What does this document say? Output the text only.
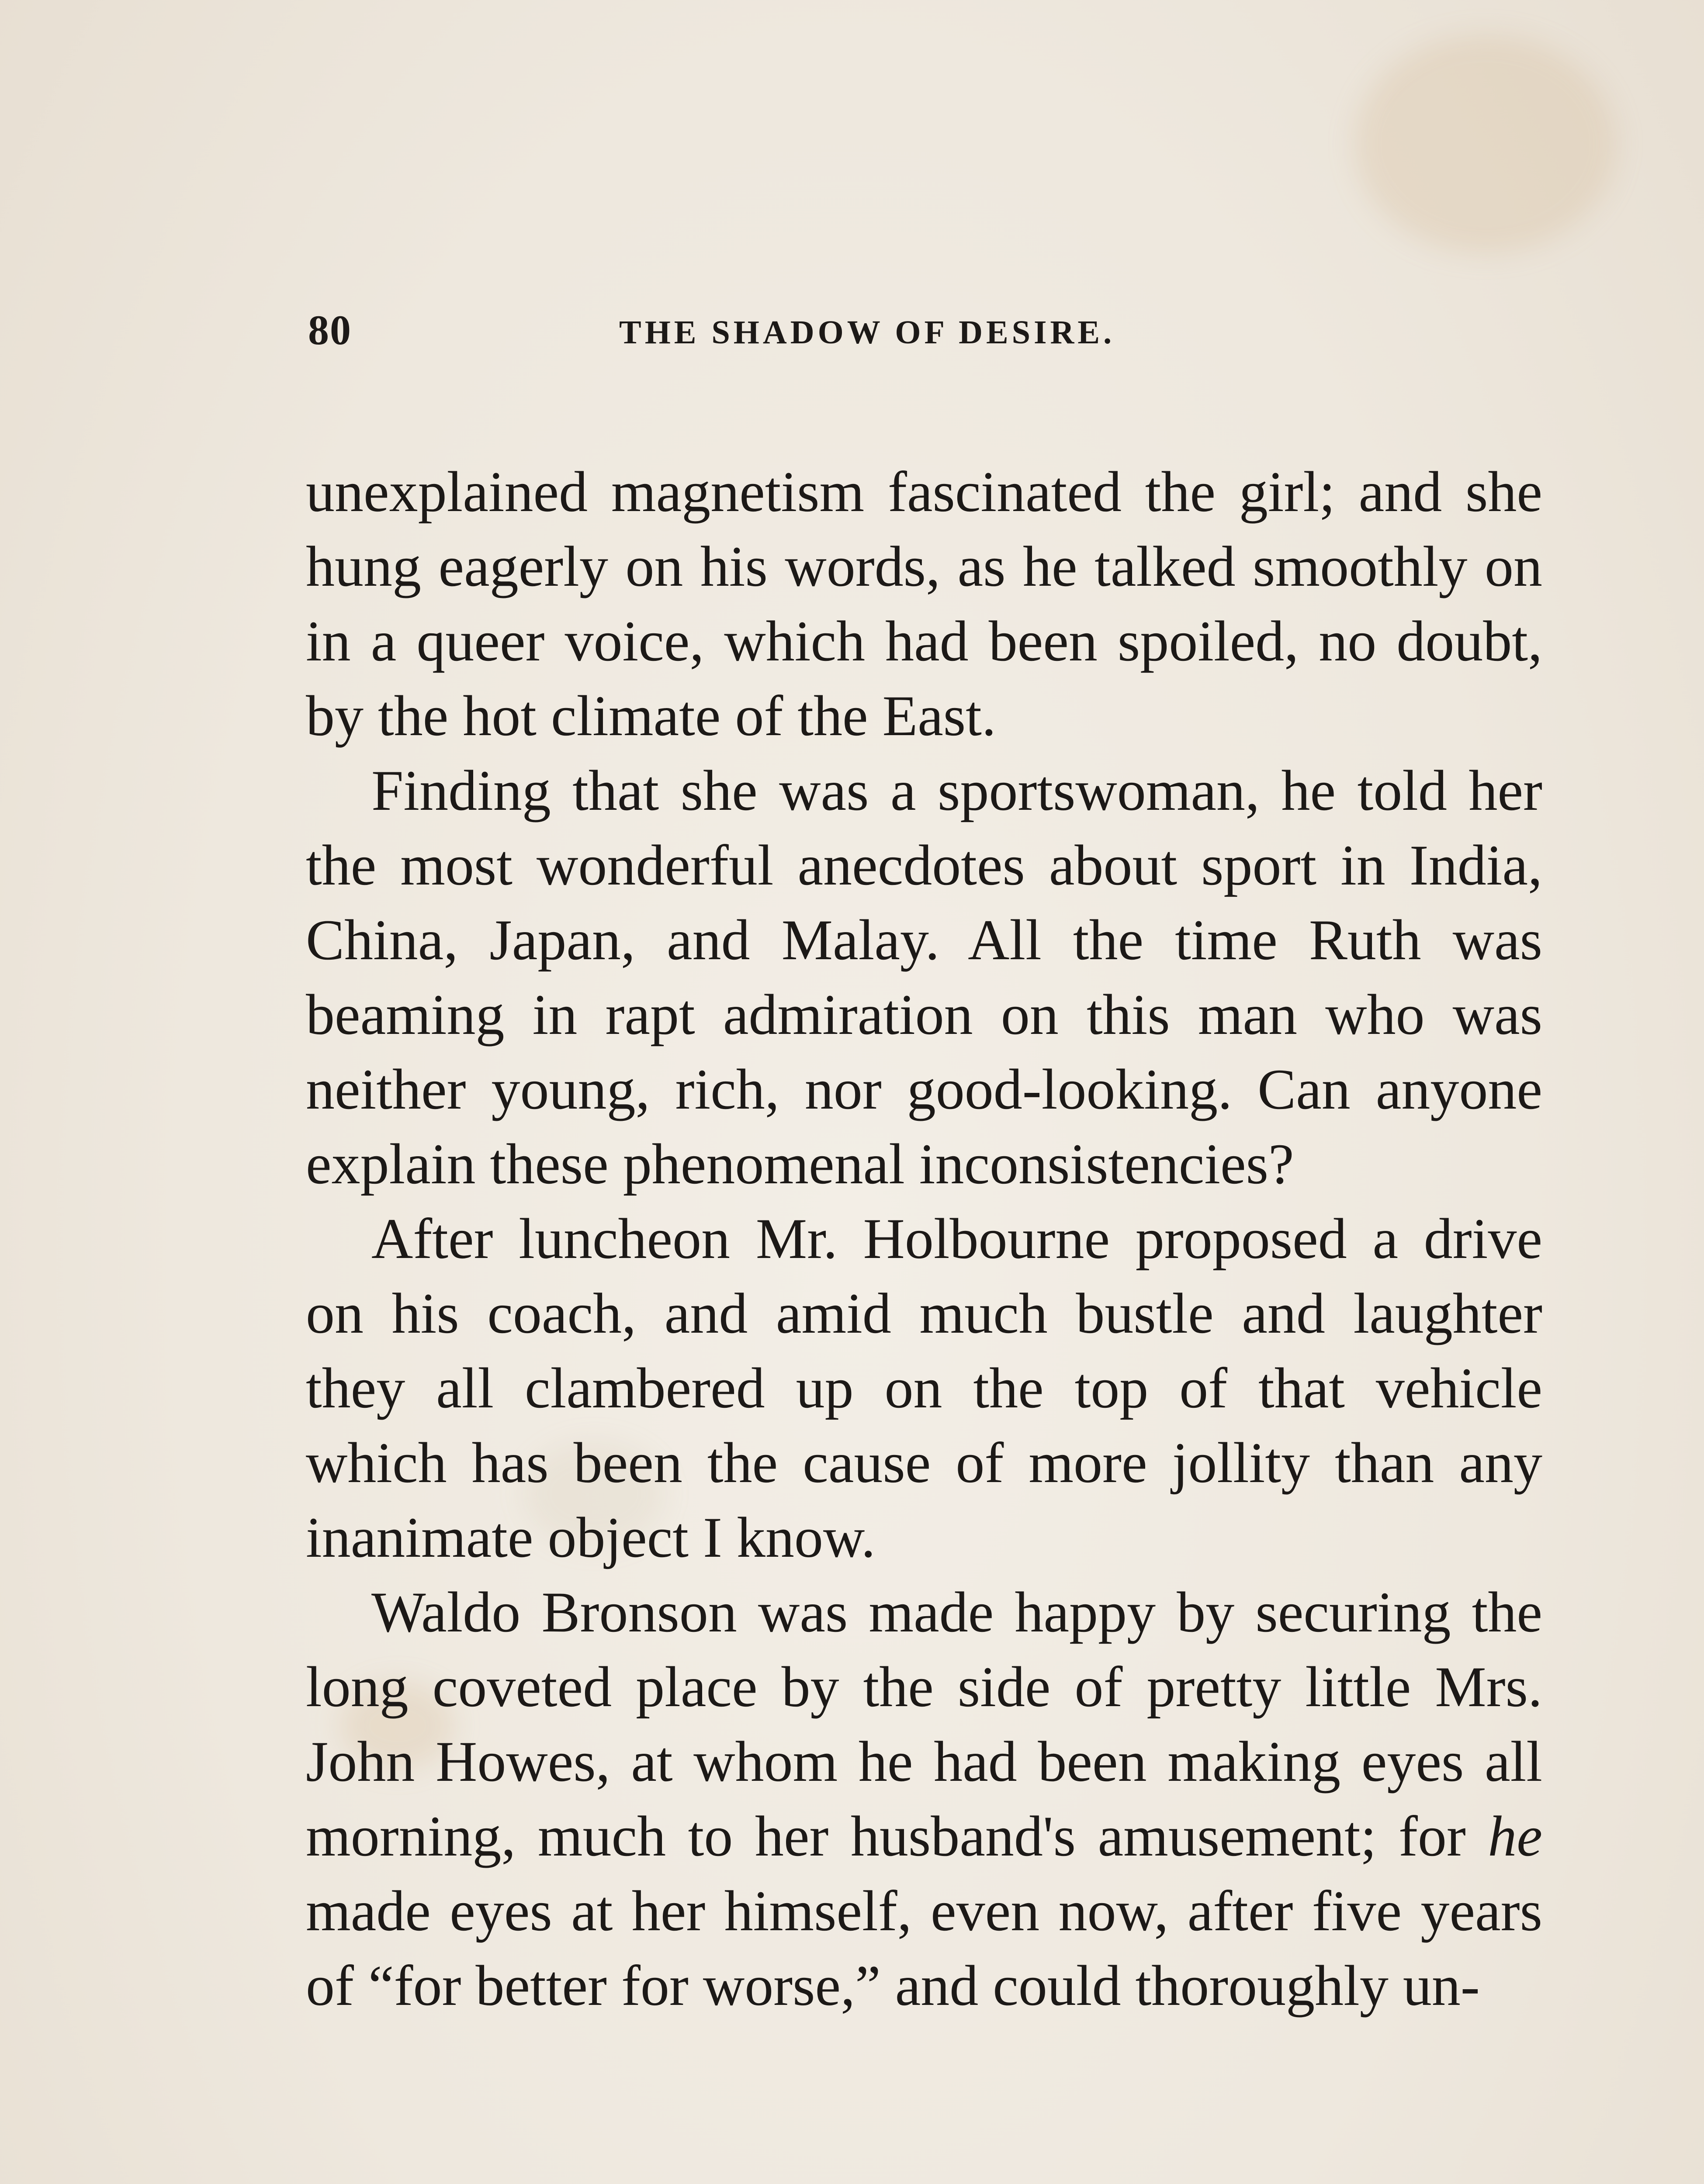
80	THE SHADOW OF DESIRE.

unexplained magnetism fascinated the girl; and she hung eagerly on his words, as he talked smoothly on in a queer voice, which had been spoiled, no doubt, by the hot climate of the East.

Finding that she was a sportswoman, he told her the most wonderful anecdotes about sport in India, China, Japan, and Malay. All the time Ruth was beaming in rapt admiration on this man who was neither young, rich, nor good-looking. Can anyone explain these phenomenal inconsistencies?

After luncheon Mr. Holbourne proposed a drive on his coach, and amid much bustle and laughter they all clambered up on the top of that vehicle which has been the cause of more jollity than any inanimate object I know.

Waldo Bronson was made happy by securing the long coveted place by the side of pretty little Mrs. John Howes, at whom he had been making eyes all morning, much to her husband's amusement; for he made eyes at her himself, even now, after five years of “for better for worse,” and could thoroughly un-
